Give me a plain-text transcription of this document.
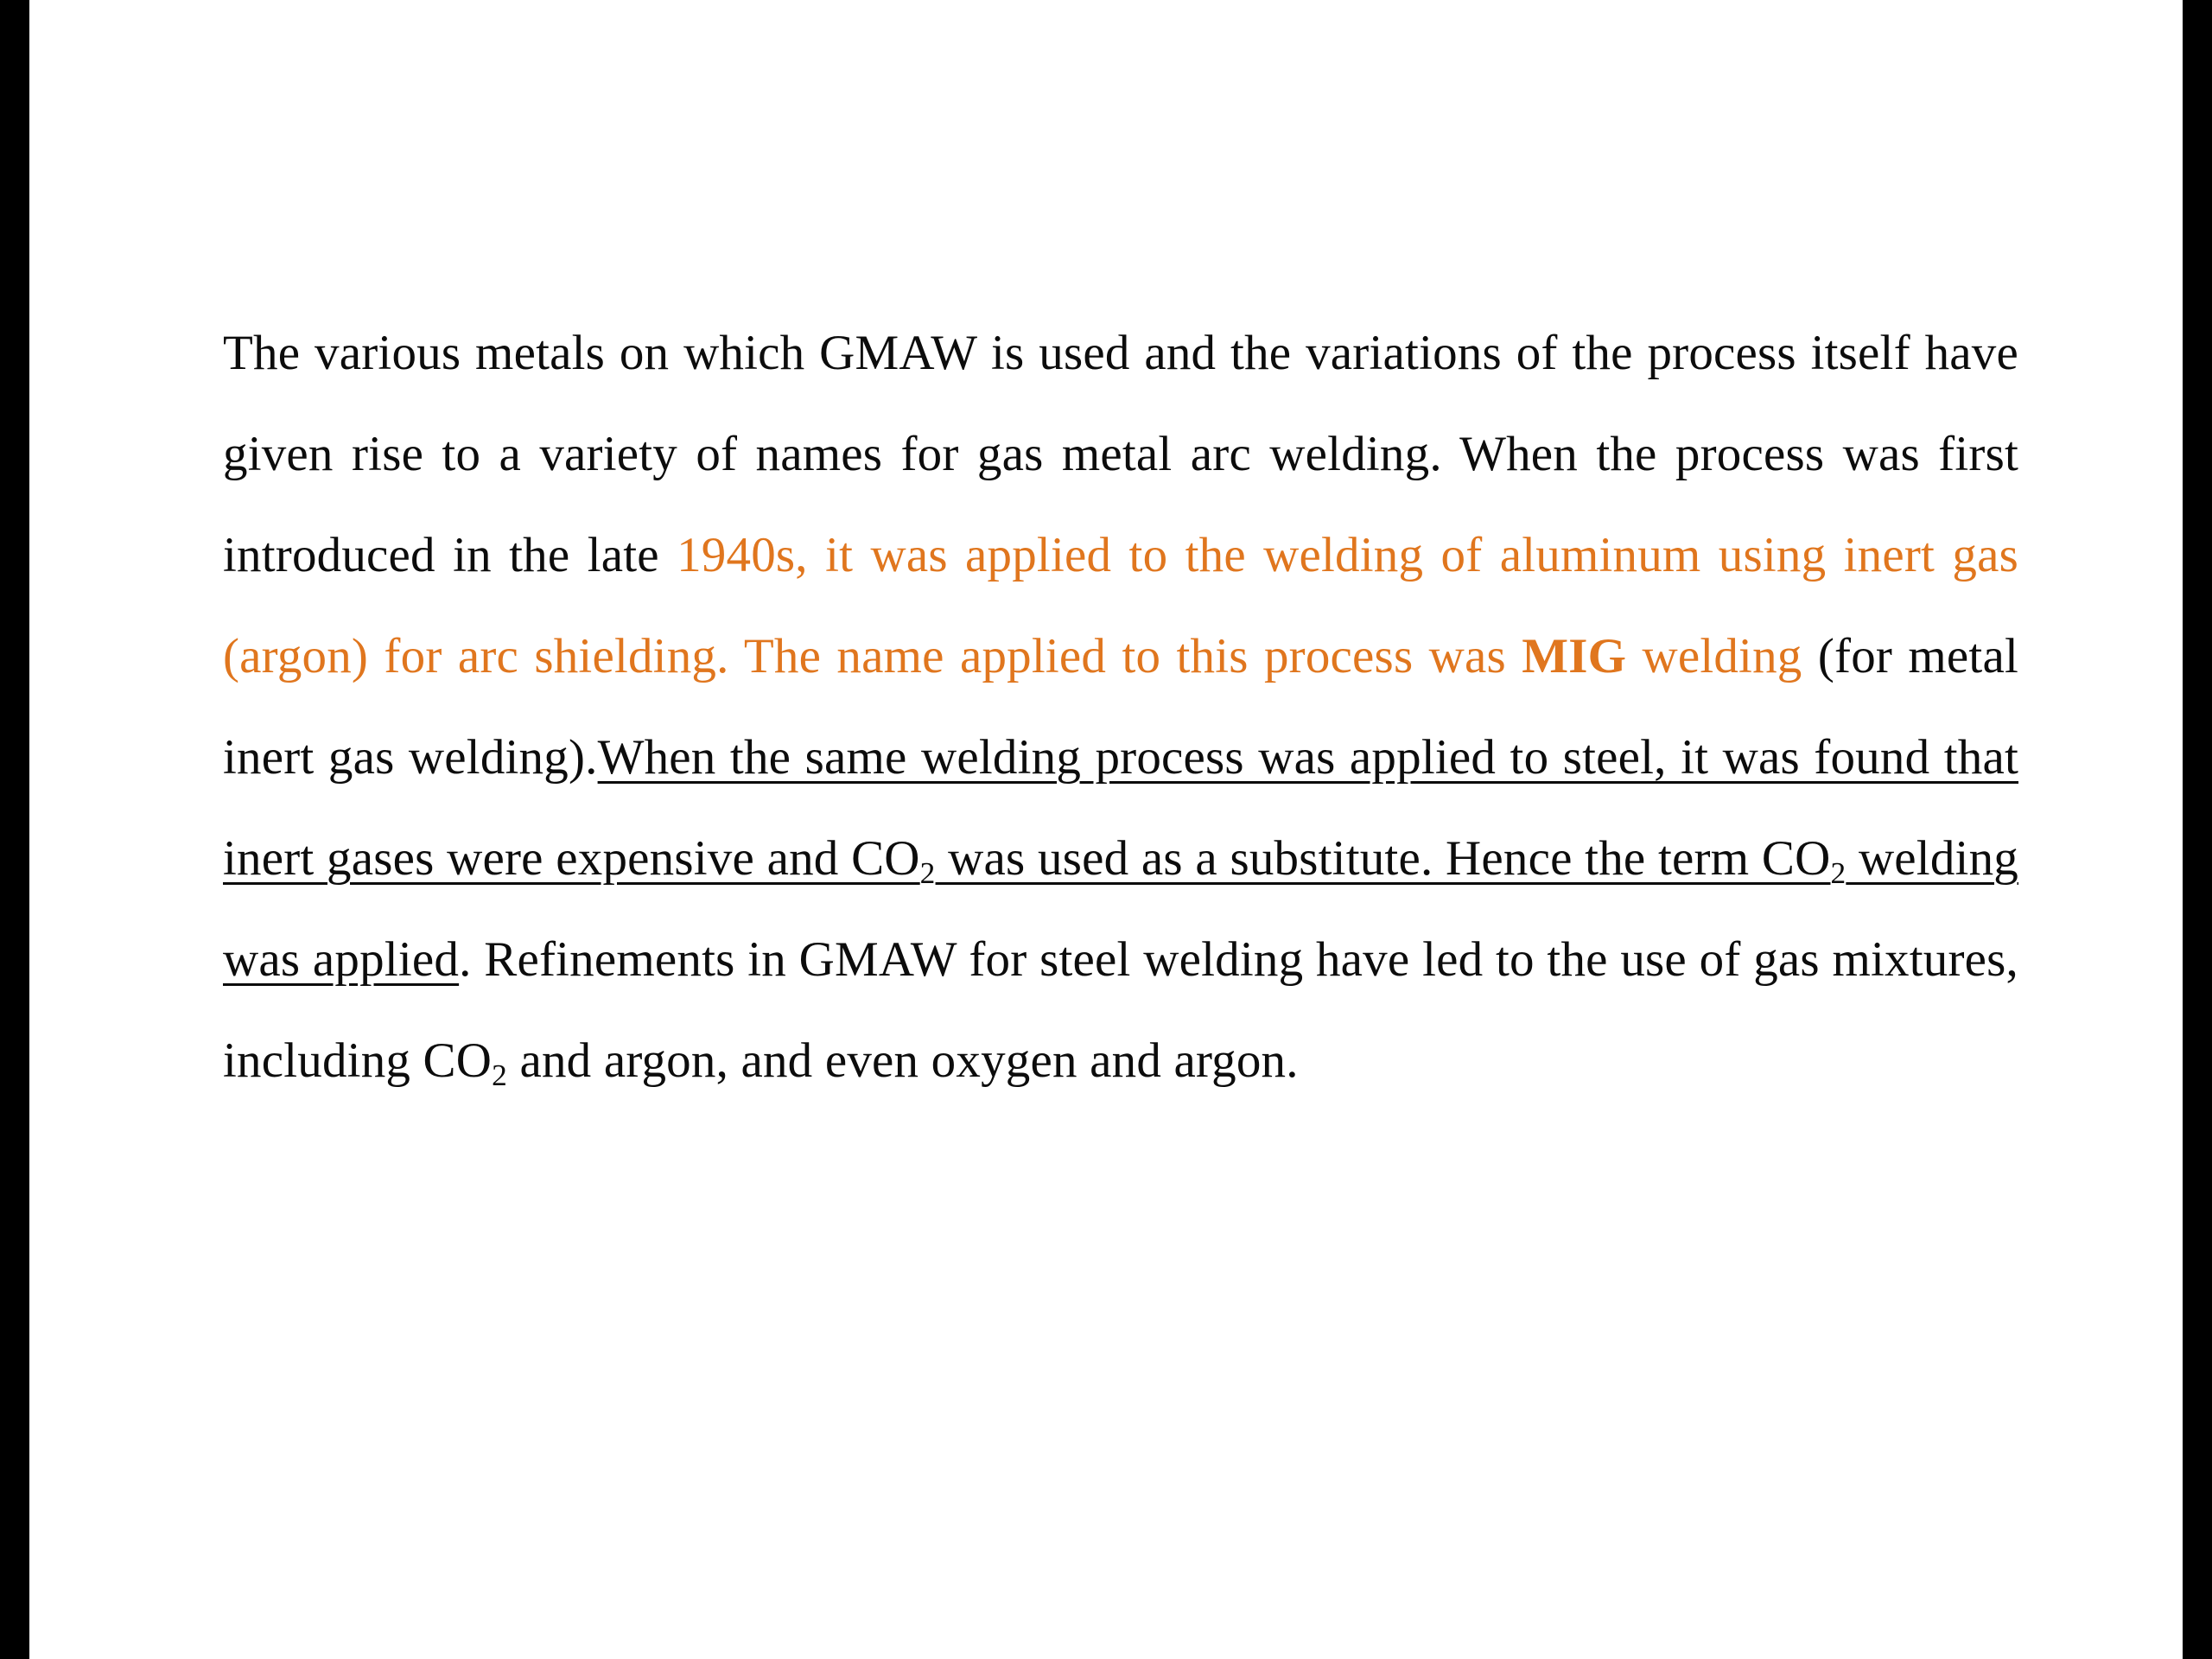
The various metals on which GMAW is used and the variations of the process itself have given rise to a variety of names for gas metal arc welding. When the process was first introduced in the late 1940s, it was applied to the welding of aluminum using inert gas (argon) for arc shielding. The name applied to this process was MIG welding (for metal inert gas welding).When the same welding process was applied to steel, it was found that inert gases were expensive and $CO_2$ was used as a substitute. Hence the term $CO_2$ welding was applied. Refinements in GMAW for steel welding have led to the use of gas mixtures, including $CO_2$ and argon, and even oxygen and argon.
